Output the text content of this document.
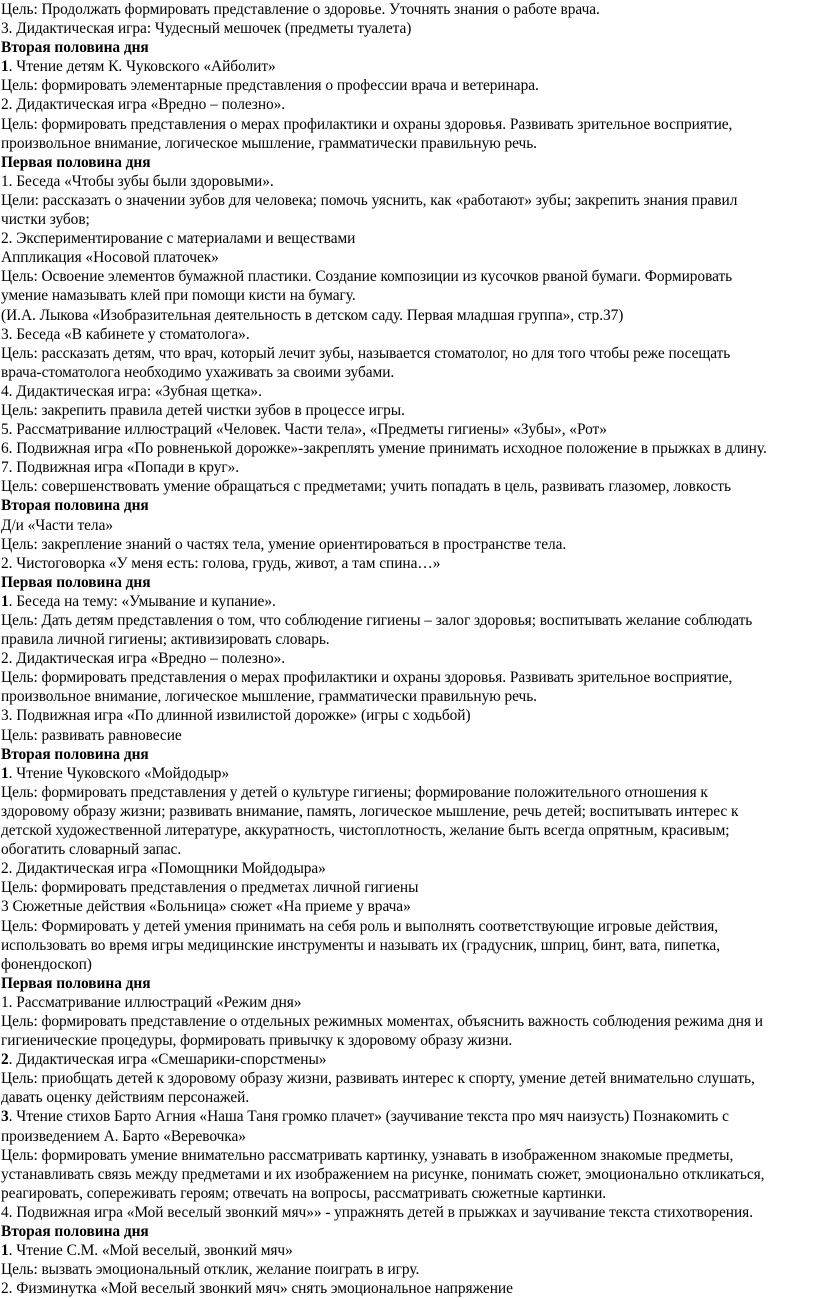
Цель: Продолжать формировать представление о здоровье. Уточнять знания о работе врача.
3. Дидактическая игра: Чудесный мешочек (предметы туалета)
Вторая половина дня
1. Чтение детям К. Чуковского «Айболит»
Цель: формировать элементарные представления о профессии врача и ветеринара.
2. Дидактическая игра «Вредно – полезно».
Цель: формировать представления о мерах профилактики и охраны здоровья. Развивать зрительное восприятие,
произвольное внимание, логическое мышление, грамматически правильную речь.
Первая половина дня
1. Беседа «Чтобы зубы были здоровыми».
Цели: рассказать о значении зубов для человека; помочь уяснить, как «работают» зубы; закрепить знания правил
чистки зубов;
2. Экспериментирование с материалами и веществами
Аппликация «Носовой платочек»
Цель: Освоение элементов бумажной пластики. Создание композиции из кусочков рваной бумаги. Формировать
умение намазывать клей при помощи кисти на бумагу.
(И.А. Лыкова «Изобразительная деятельность в детском саду. Первая младшая группа», стр.37)
3. Беседа «В кабинете у стоматолога».
Цель: рассказать детям, что врач, который лечит зубы, называется стоматолог, но для того чтобы реже посещать
врача-стоматолога необходимо ухаживать за своими зубами.
4. Дидактическая игра: «Зубная щетка».
Цель: закрепить правила детей чистки зубов в процессе игры.
5. Рассматривание иллюстраций «Человек. Части тела», «Предметы гигиены» «Зубы», «Рот»
6. Подвижная игра «По ровненькой дорожке»-закреплять умение принимать исходное положение в прыжках в длину.
7. Подвижная игра «Попади в круг».
Цель: совершенствовать умение обращаться с предметами; учить попадать в цель, развивать глазомер, ловкость
Вторая половина дня
Д/и «Части тела»
Цель: закрепление знаний о частях тела, умение ориентироваться в пространстве тела.
2. Чистоговорка «У меня есть: голова, грудь, живот, а там спина…»
Первая половина дня
1. Беседа на тему: «Умывание и купание».
Цель: Дать детям представления о том, что соблюдение гигиены – залог здоровья; воспитывать желание соблюдать
правила личной гигиены; активизировать словарь.
2. Дидактическая игра «Вредно – полезно».
Цель: формировать представления о мерах профилактики и охраны здоровья. Развивать зрительное восприятие,
произвольное внимание, логическое мышление, грамматически правильную речь.
3. Подвижная игра «По длинной извилистой дорожке» (игры с ходьбой)
Цель: развивать равновесие
Вторая половина дня
1. Чтение Чуковского «Мойдодыр»
Цель: формировать представления у детей о культуре гигиены; формирование положительного отношения к
здоровому образу жизни; развивать внимание, память, логическое мышление, речь детей; воспитывать интерес к
детской художественной литературе, аккуратность, чистоплотность, желание быть всегда опрятным, красивым;
обогатить словарный запас.
2. Дидактическая игра «Помощники Мойдодыра»
Цель: формировать представления о предметах личной гигиены
3 Сюжетные действия «Больница» сюжет «На приеме у врача»
Цель: Формировать у детей умения принимать на себя роль и выполнять соответствующие игровые действия,
использовать во время игры медицинские инструменты и называть их (градусник, шприц, бинт, вата, пипетка,
фонендоскоп)
Первая половина дня
1. Рассматривание иллюстраций «Режим дня»
Цель: формировать представление о отдельных режимных моментах, объяснить важность соблюдения режима дня и
гигиенические процедуры, формировать привычку к здоровому образу жизни.
2. Дидактическая игра «Смешарики-спорстмены»
Цель: приобщать детей к здоровому образу жизни, развивать интерес к спорту, умение детей внимательно слушать,
давать оценку действиям персонажей.
3. Чтение стихов Барто Агния «Наша Таня громко плачет» (заучивание текста про мяч наизусть) Познакомить с
произведением А. Барто «Веревочка»
Цель: формировать умение внимательно рассматривать картинку, узнавать в изображенном знакомые предметы,
устанавливать связь между предметами и их изображением на рисунке, понимать сюжет, эмоционально откликаться,
реагировать, сопереживать героям; отвечать на вопросы, рассматривать сюжетные картинки.
4. Подвижная игра «Мой веселый звонкий мяч»» - упражнять детей в прыжках и заучивание текста стихотворения.
Вторая половина дня
1. Чтение С.М. «Мой веселый, звонкий мяч»
Цель: вызвать эмоциональный отклик, желание поиграть в игру.
2. Физминутка «Мой веселый звонкий мяч» снять эмоциональное напряжение
